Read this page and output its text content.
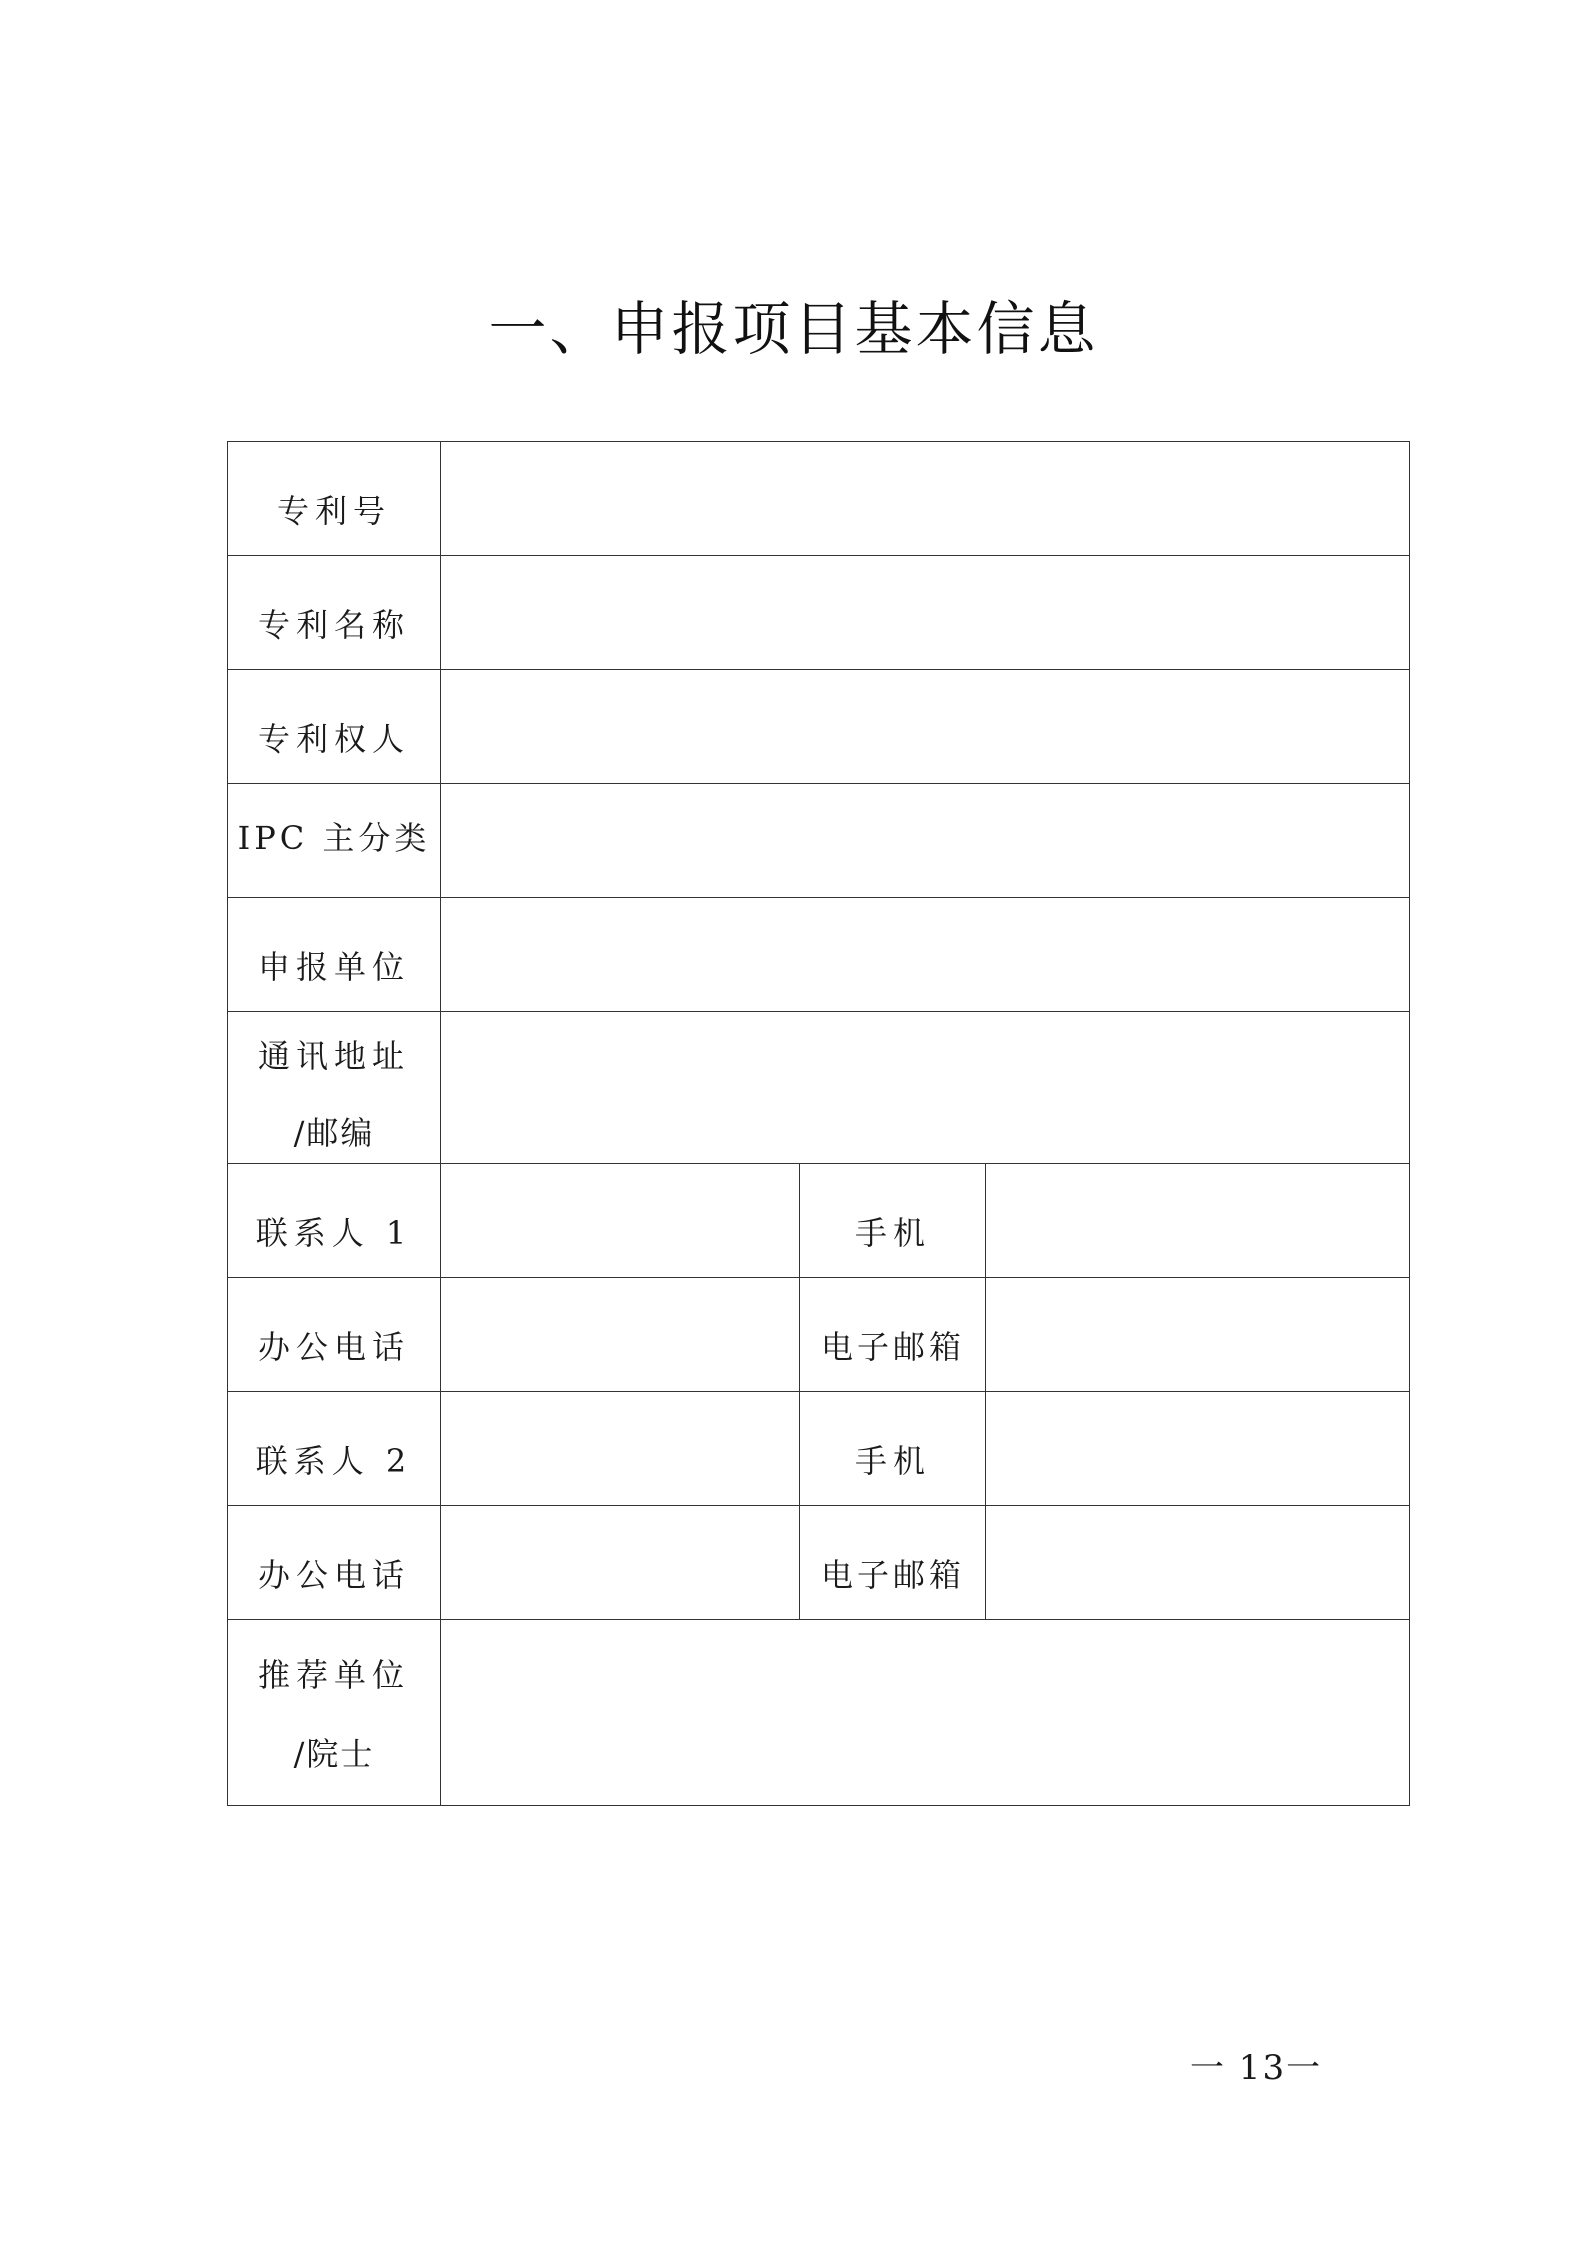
一、申报项目基本信息
专利号
专利名称
专利权人
IPC 主分类
申报单位
通讯地址
/邮编
联系人 1	手机
办公电话	电子邮箱
联系人 2	手机
办公电话	电子邮箱
推荐单位
/院士
一 13一
